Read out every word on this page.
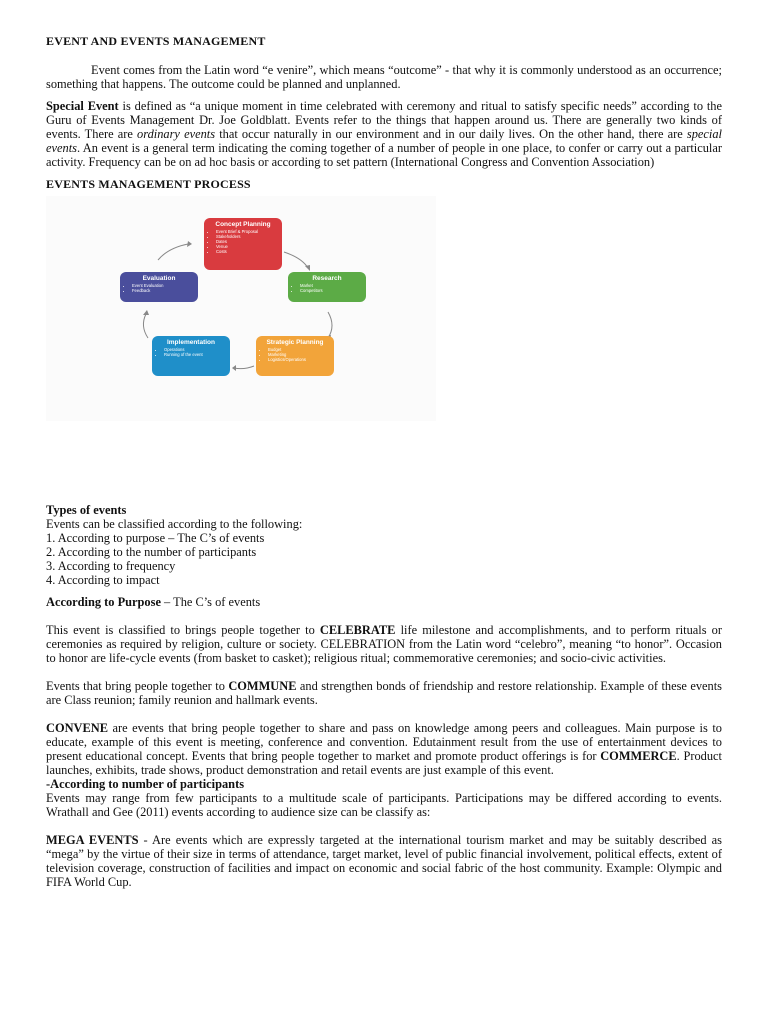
EVENT AND EVENTS MANAGEMENT

Event comes from the Latin word “e venire”, which means “outcome” - that why it is commonly understood as an occurrence; something that happens. The outcome could be planned and unplanned.

Special Event is defined as “a unique moment in time celebrated with ceremony and ritual to satisfy specific needs” according to the Guru of Events Management Dr. Joe Goldblatt. Events refer to the things that happen around us. There are generally two kinds of events. There are ordinary events that occur naturally in our environment and in our daily lives. On the other hand, there are special events. An event is a general term indicating the coming together of a number of people in one place, to confer or carry out a particular activity. Frequency can be on ad hoc basis or according to set pattern (International Congress and Convention Association)

EVENTS MANAGEMENT PROCESS

Concept Planning
• Event Brief & Proposal
• Stakeholders
• Dates
• Venue
• Costs
Research
• Market
• Competitors
Strategic Planning
• Budget
• Marketing
• Logistics/Operations
Implementation
• Operations
• Running of the event
Evaluation
• Event Evaluation
• Feedback

Types of events

Events can be classified according to the following:

1. According to purpose – The C’s of events
2. According to the number of participants
3. According to frequency
4. According to impact

According to Purpose – The C’s of events

This event is classified to brings people together to CELEBRATE life milestone and accomplishments, and to perform rituals or ceremonies as required by religion, culture or society. CELEBRATION from the Latin word “celebro”, meaning “to honor”. Occasion to honor are life-cycle events (from basket to casket); religious ritual; commemorative ceremonies; and socio-civic activities.

Events that bring people together to COMMUNE and strengthen bonds of friendship and restore relationship. Example of these events are Class reunion; family reunion and hallmark events.

CONVENE are events that bring people together to share and pass on knowledge among peers and colleagues. Main purpose is to educate, example of this event is meeting, conference and convention. Edutainment result from the use of entertainment devices to present educational concept. Events that bring people together to market and promote product offerings is for COMMERCE. Product launches, exhibits, trade shows, product demonstration and retail events are just example of this event.

-According to number of participants

Events may range from few participants to a multitude scale of participants. Participations may be differed according to events. Wrathall and Gee (2011) events according to audience size can be classify as:

MEGA EVENTS - Are events which are expressly targeted at the international tourism market and may be suitably described as “mega” by the virtue of their size in terms of attendance, target market, level of public financial involvement, political effects, extent of television coverage, construction of facilities and impact on economic and social fabric of the host community. Example: Olympic and FIFA World Cup.
